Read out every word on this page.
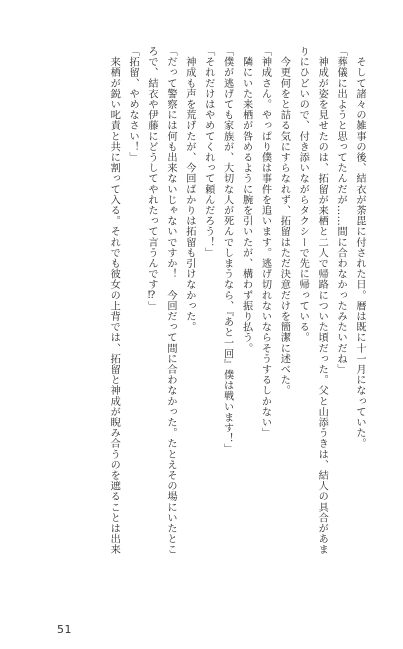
　そして諸々の雑事の後、結衣が荼毘に付された日。暦は既に十一月になっていた。
「葬儀に出ようと思ってたんだが……間に合わなかったみたいだね」
　神成が姿を見せたのは、拓留が来栖と二人で帰路についた頃だった。父と山添うきは、結人の具合があま
りにひどいので、付き添いながらタクシーで先に帰っている。
　今更何をと詰る気にすらなれず、拓留はただ決意だけを簡潔に述べた。
「神成さん。やっぱり僕は事件を追います。逃げ切れないならそうするしかない」
　隣にいた来栖が咎めるように腕を引いたが、構わず振り払う。
「僕が逃げても家族が、大切な人が死んでしまうなら、『あと一回』僕は戦います！」
「それだけはやめてくれって頼んだろう！」
　神成も声を荒げたが、今回ばかりは拓留も引けなかった。
「だって警察には何も出来ないじゃないですか！　今回だって間に合わなかった。たとえその場にいたとこ
ろで、結衣や伊藤にどうしてやれたって言うんです⁉」
「拓留、やめなさい！」
　来栖が鋭い叱責と共に割って入る。それでも彼女の上背では、拓留と神成が睨み合うのを遮ることは出来
51
